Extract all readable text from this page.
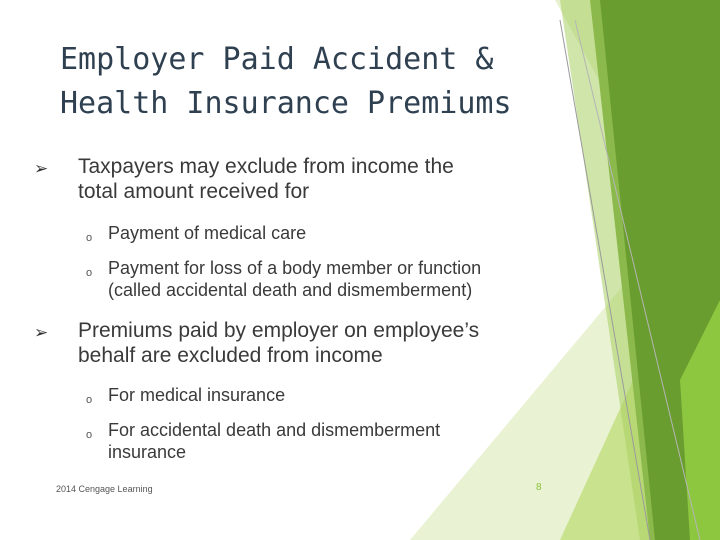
Employer Paid Accident &
Health Insurance Premiums
➢ Taxpayers may exclude from income the
total amount received for
o Payment of medical care
o Payment for loss of a body member or function
(called accidental death and dismemberment)
➢ Premiums paid by employer on employee’s
behalf are excluded from income
o For medical insurance
o For accidental death and dismemberment
insurance
2014 Cengage Learning	8
